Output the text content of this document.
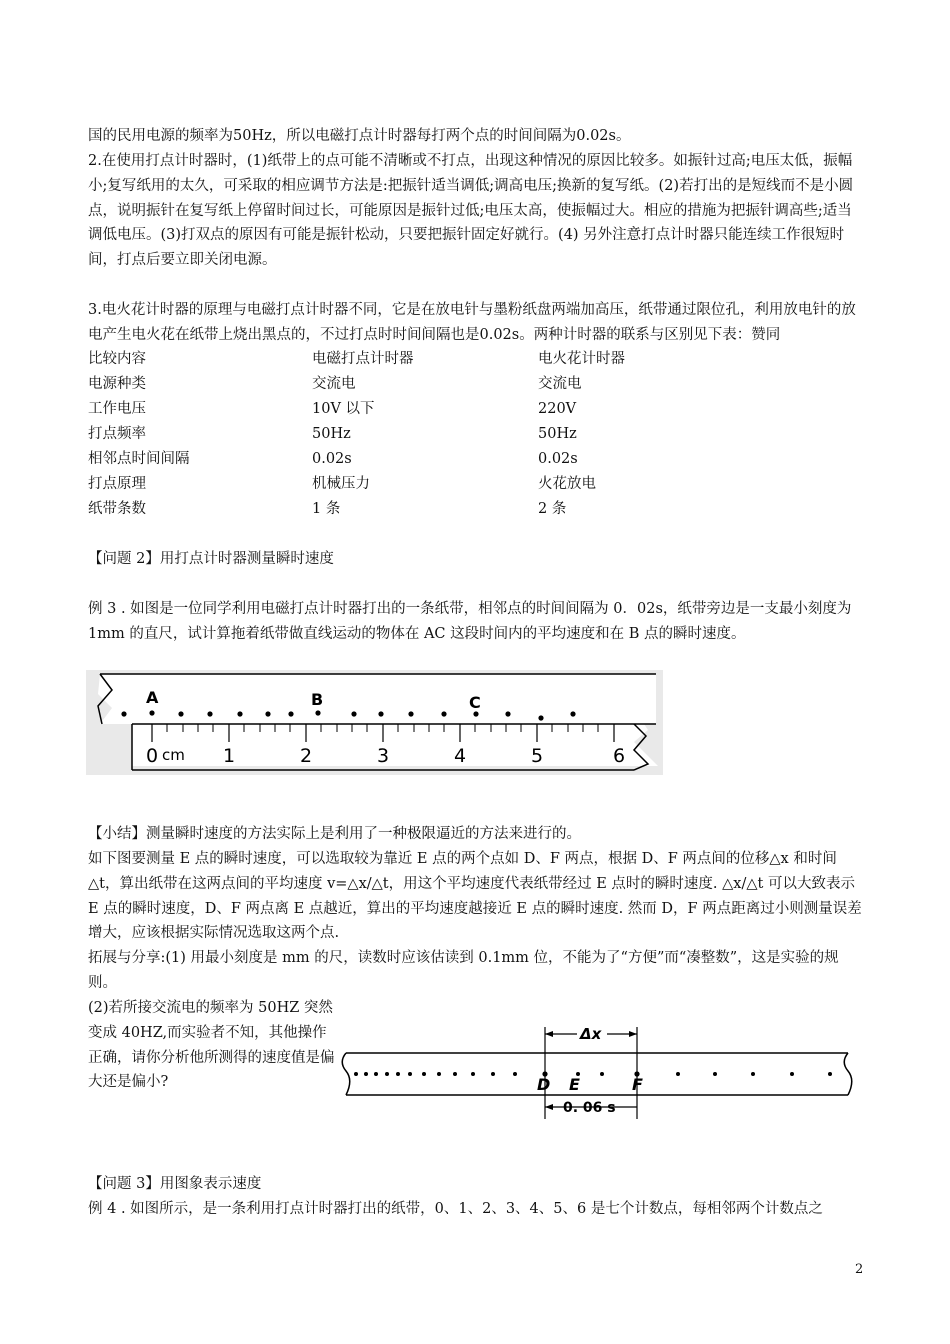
国的民用电源的频率为50Hz，所以电磁打点计时器每打两个点的时间间隔为0.02s。

2.在使用打点计时器时，(1)纸带上的点可能不清晰或不打点，出现这种情况的原因比较多。如振针过高;电压太低，振幅小;复写纸用的太久，可采取的相应调节方法是:把振针适当调低;调高电压;换新的复写纸。(2)若打出的是短线而不是小圆点，说明振针在复写纸上停留时间过长，可能原因是振针过低;电压太高，使振幅过大。相应的措施为把振针调高些;适当调低电压。(3)打双点的原因有可能是振针松动，只要把振针固定好就行。(4) 另外注意打点计时器只能连续工作很短时间，打点后要立即关闭电源。

3.电火花计时器的原理与电磁打点计时器不同，它是在放电针与墨粉纸盘两端加高压，纸带通过限位孔，利用放电针的放电产生电火花在纸带上烧出黑点的，不过打点时时间间隔也是0.02s。两种计时器的联系与区别见下表：赞同

比较内容	电磁打点计时器	电火花计时器
电源种类	交流电	交流电
工作电压	10V 以下	220V
打点频率	50Hz	50Hz
相邻点时间间隔	0.02s	0.02s
打点原理	机械压力	火花放电
纸带条数	1 条	2 条
【问题 2】用打点计时器测量瞬时速度

例 3 . 如图是一位同学利用电磁打点计时器打出的一条纸带，相邻点的时间间隔为 0．02s，纸带旁边是一支最小刻度为 1mm 的直尺，试计算拖着纸带做直线运动的物体在 AC 这段时间内的平均速度和在 B 点的瞬时速度。

0 cm 1	2	3	4	5	6
A	B	C

【小结】测量瞬时速度的方法实际上是利用了一种极限逼近的方法来进行的。

如下图要测量 E 点的瞬时速度，可以选取较为靠近 E 点的两个点如 D、F 两点，根据 D、F 两点间的位移△x 和时间△t，算出纸带在这两点间的平均速度 v=△x/△t，用这个平均速度代表纸带经过 E 点时的瞬时速度. △x/△t 可以大致表示 E 点的瞬时速度，D、F 两点离 E 点越近，算出的平均速度越接近 E 点的瞬时速度. 然而 D，F 两点距离过小则测量误差增大，应该根据实际情况选取这两个点.

拓展与分享:(1) 用最小刻度是 mm 的尺，读数时应该估读到 0.1mm 位，不能为了“方便”而“凑整数”，这是实验的规则。

(2)若所接交流电的频率为 50HZ 突然变成 40HZ,而实验者不知，其他操作正确，请你分析他所测得的速度值是偏大还是偏小?

Δx
0. 06 s
D E	F
【问题 3】用图象表示速度

例 4 . 如图所示，是一条利用打点计时器打出的纸带，0、1、2、3、4、5、6 是七个计数点，每相邻两个计数点之

2
